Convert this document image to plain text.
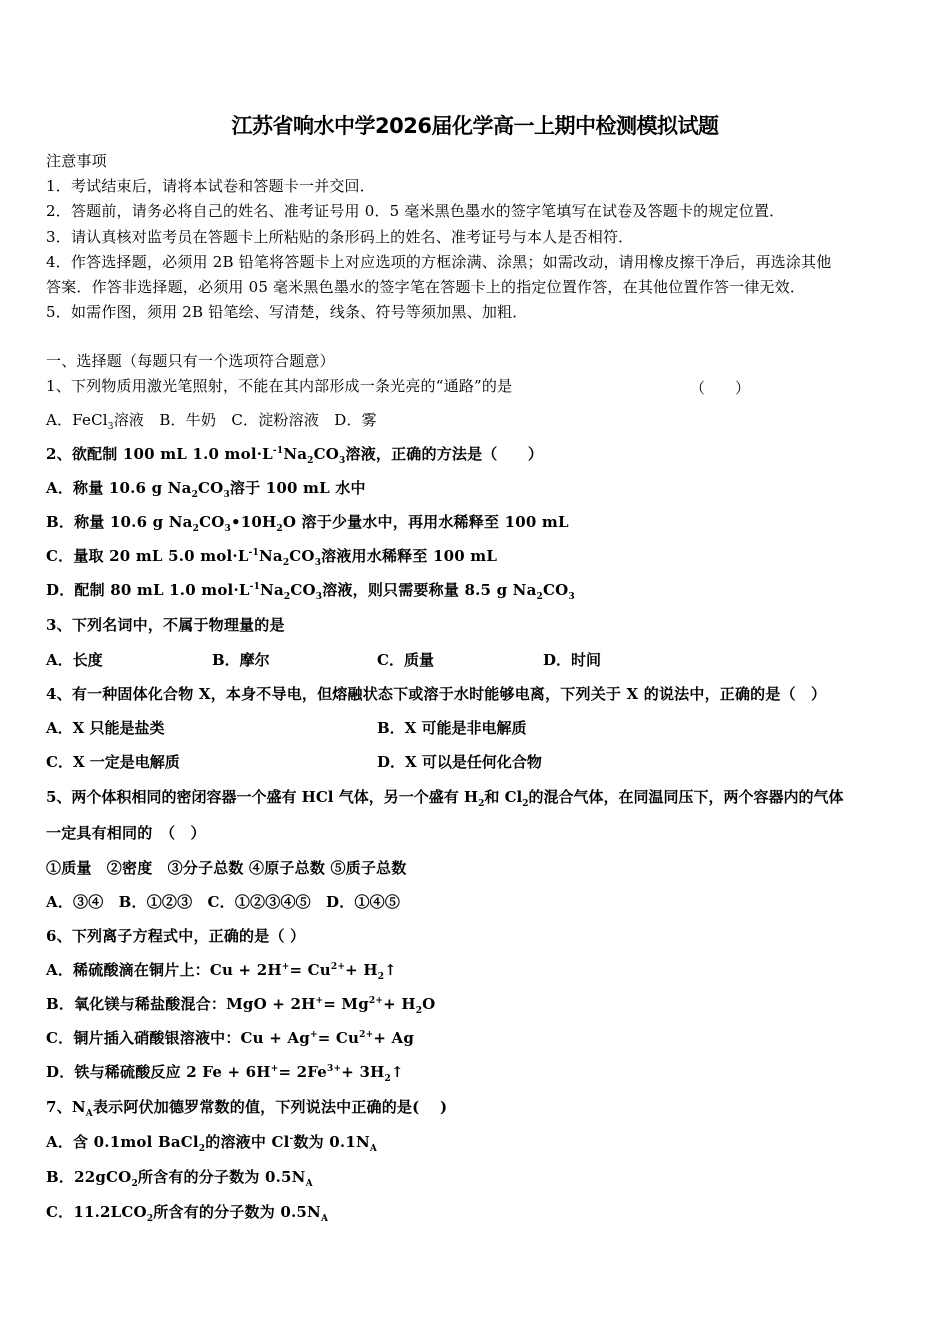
江苏省响水中学2026届化学高一上期中检测模拟试题
注意事项
1．考试结束后，请将本试卷和答题卡一并交回．
2．答题前，请务必将自己的姓名、准考证号用 0．5 毫米黑色墨水的签字笔填写在试卷及答题卡的规定位置．
3．请认真核对监考员在答题卡上所粘贴的条形码上的姓名、准考证号与本人是否相符．
4．作答选择题，必须用 2B 铅笔将答题卡上对应选项的方框涂满、涂黑；如需改动，请用橡皮擦干净后，再选涂其他
答案．作答非选择题，必须用 05 毫米黑色墨水的签字笔在答题卡上的指定位置作答，在其他位置作答一律无效．
5．如需作图，须用 2B 铅笔绘、写清楚，线条、符号等须加黑、加粗．
一、选择题（每题只有一个选项符合题意）
1、下列物质用激光笔照射，不能在其内部形成一条光亮的“通路”的是	（　　）
A．FeCl$_3$溶液　B．牛奶　C．淀粉溶液　D．雾
2、欲配制 100 mL 1.0 $mol\cdot L^{-1}Na_2CO_3$溶液，正确的方法是（　　）
A．称量 10.6 g $Na_2CO_3$溶于 100 mL 水中
B．称量 10.6 g $Na_2CO_3•10H_2O$ 溶于少量水中，再用水稀释至 100 mL
C．量取 20 mL 5.0 $mol\cdot L^{-1}Na_2CO_3$溶液用水稀释至 100 mL
D．配制 80 mL 1.0 $mol\cdot L^{-1}Na_2CO_3$溶液，则只需要称量 8.5 g $Na_2CO_3$
3、下列名词中，不属于物理量的是
A．长度	B．摩尔	C．质量	D．时间
4、有一种固体化合物 X，本身不导电，但熔融状态下或溶于水时能够电离，下列关于 X 的说法中，正确的是（　）
A．X 只能是盐类	B．X 可能是非电解质
C．X 一定是电解质	D．X 可以是任何化合物
5、两个体积相同的密闭容器一个盛有 HCl 气体，另一个盛有 $H_2$和 $Cl_2$的混合气体，在同温同压下，两个容器内的气体
一定具有相同的　（　）
①质量　②密度　③分子总数 ④原子总数 ⑤质子总数
A．③④　B．①②③　C．①②③④⑤　D．①④⑤
6、下列离子方程式中，正确的是（ ）
A．稀硫酸滴在铜片上：$Cu + 2H^+= Cu^{2+}+$ $H_2↑$
B．氧化镁与稀盐酸混合：MgO + $2H^+= Mg^{2+}+ H_2O$
C．铜片插入硝酸银溶液中：$Cu + Ag^+= Cu^{2+}+ Ag$
D．铁与稀硫酸反应 2 $Fe + 6H^+= 2Fe^{3+}+$ $3H_2↑$
7、$N_A$表示阿伏加德罗常数的值，下列说法中正确的是(　 )
A．含 0.1mol BaCl$_2$的溶液中 Cl-数为 $0.1N_A$
B．22gCO$_2$所含有的分子数为 $0.5N_A$
C．$11.2LCO_2$所含有的分子数为 $0.5N_A$
